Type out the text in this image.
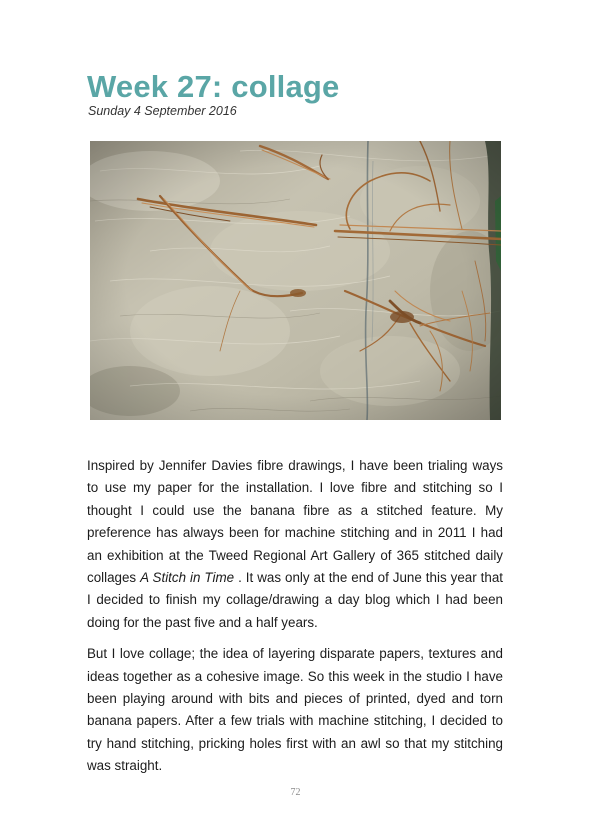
Week 27: collage
Sunday 4 September 2016

Inspired by Jennifer Davies fibre drawings, I have been trialing ways to use my paper for the installation. I love fibre and stitching so I thought I could use the banana fibre as a stitched feature. My preference has always been for machine stitching and in 2011 I had an exhibition at the Tweed Regional Art Gallery of 365 stitched daily collages A Stitch in Time . It was only at the end of June this year that I decided to finish my collage/drawing a day blog which I had been doing for the past five and a half years.

But I love collage; the idea of layering disparate papers, textures and ideas together as a cohesive image. So this week in the studio I have been playing around with bits and pieces of printed, dyed and torn banana papers. After a few trials with machine stitching, I decided to try hand stitching, pricking holes first with an awl so that my stitching was straight.

72
